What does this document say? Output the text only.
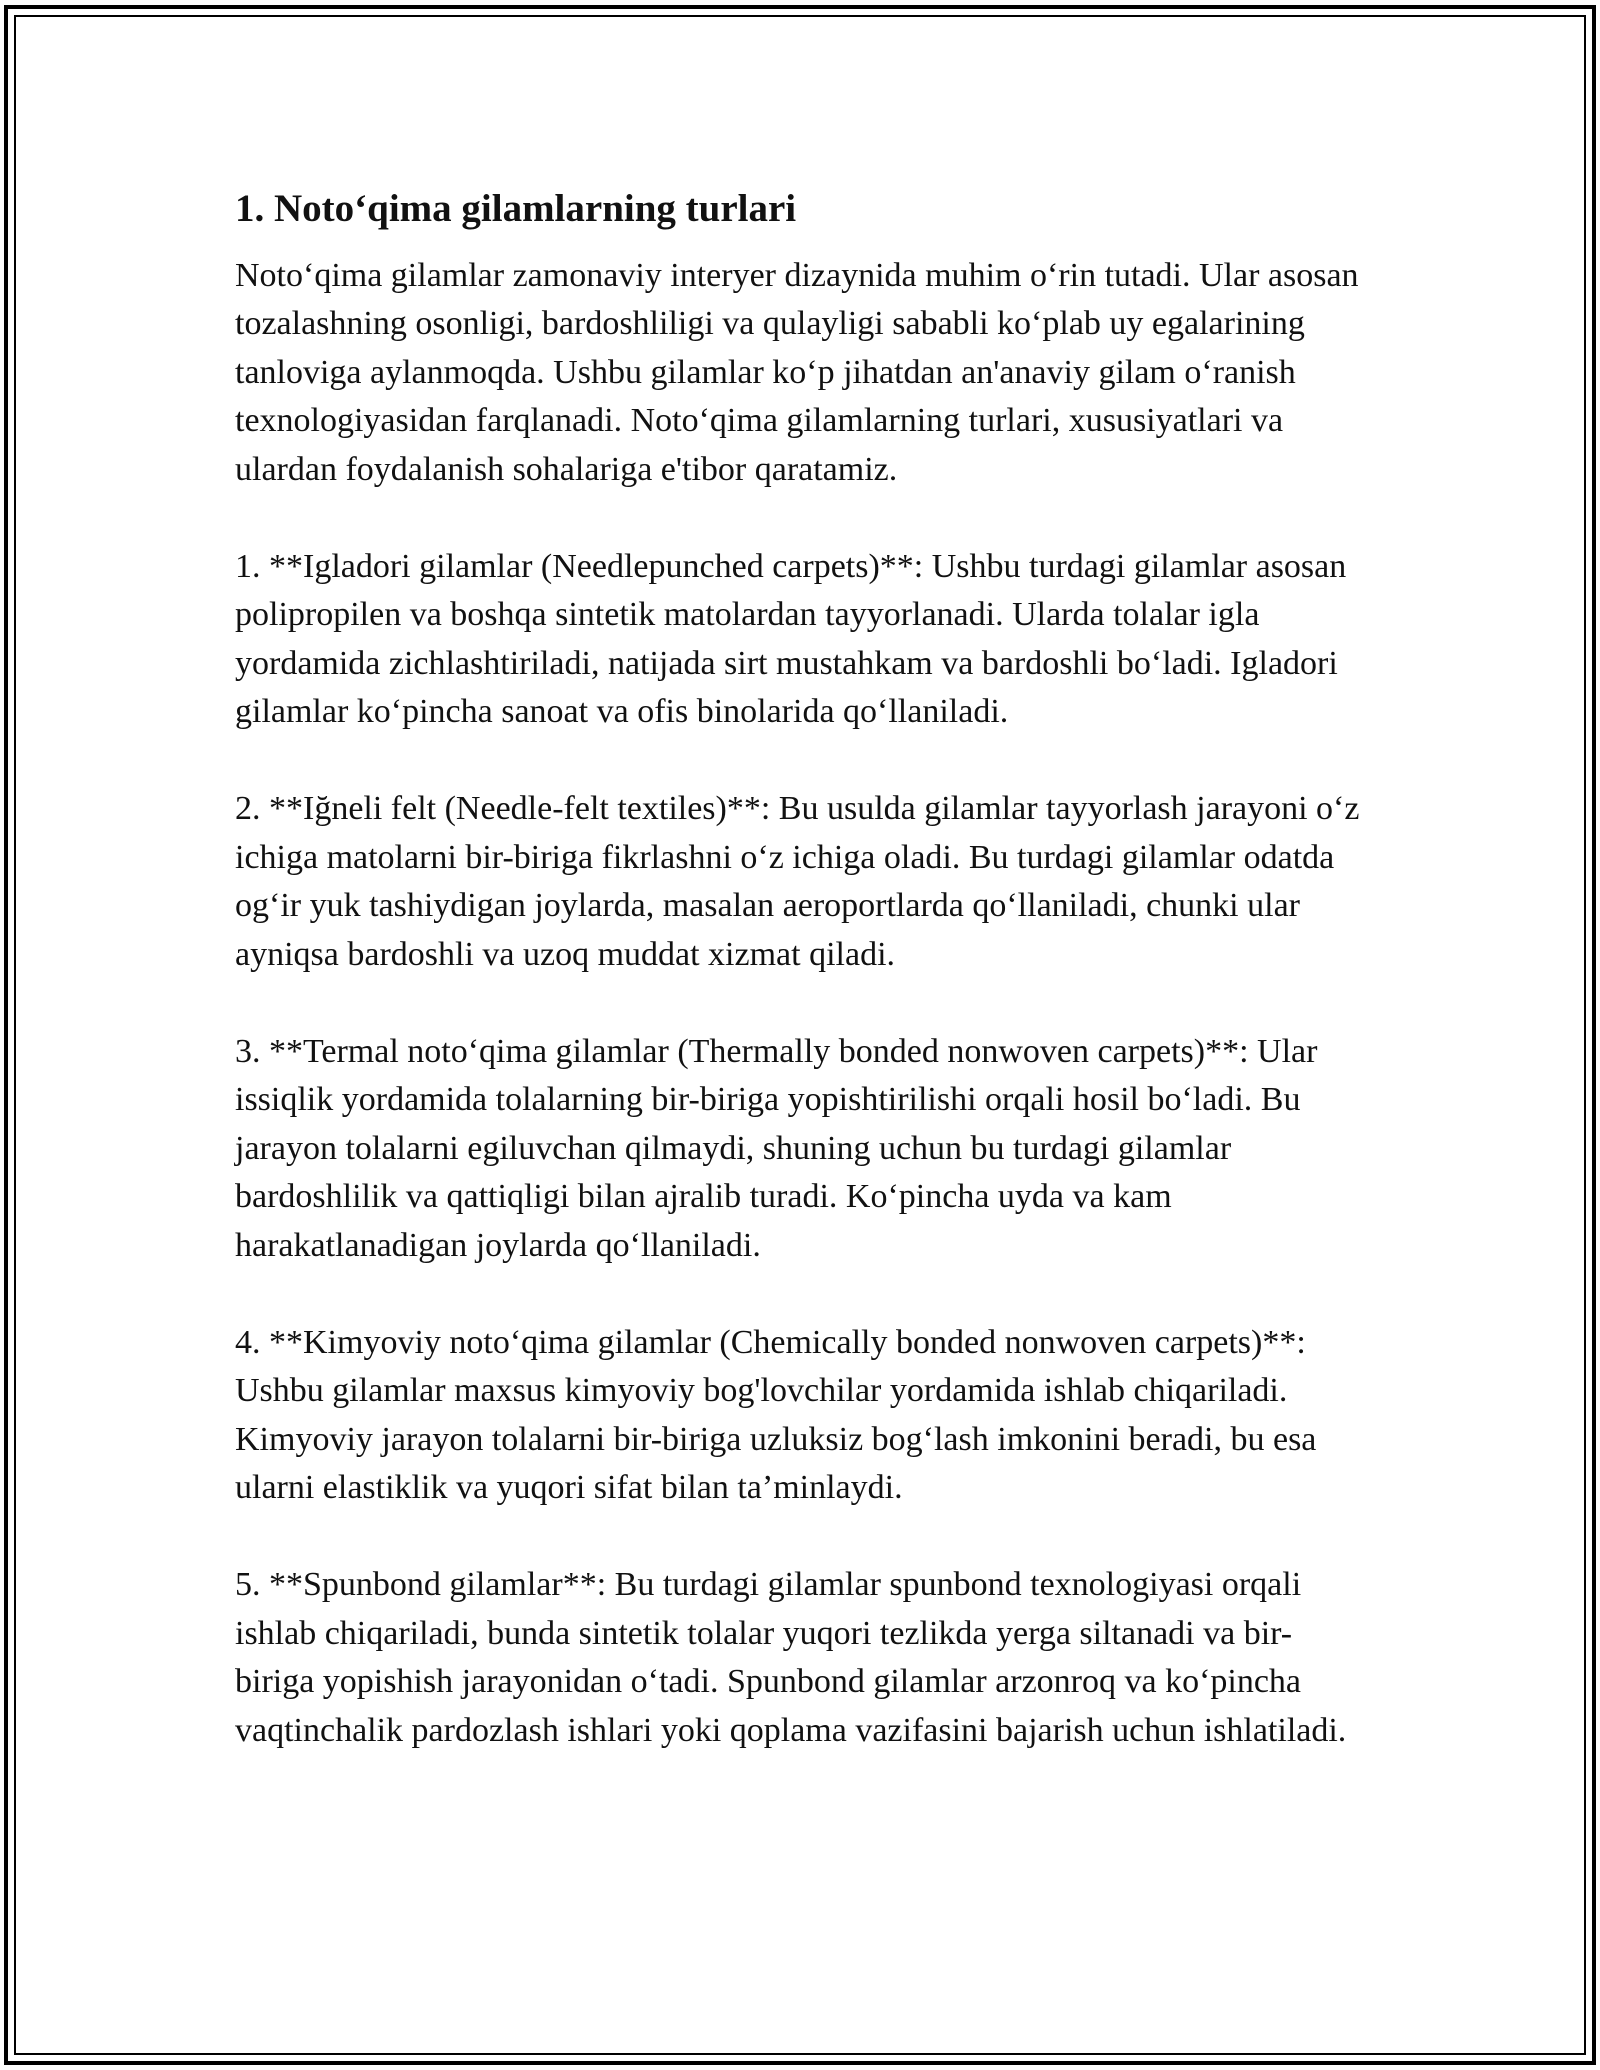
1. Noto‘qima gilamlarning turlari

Noto‘qima gilamlar zamonaviy interyer dizaynida muhim o‘rin tutadi. Ular asosan tozalashning osonligi, bardoshliligi va qulayligi sababli ko‘plab uy egalarining tanloviga aylanmoqda. Ushbu gilamlar ko‘p jihatdan an'anaviy gilam o‘ranish texnologiyasidan farqlanadi. Noto‘qima gilamlarning turlari, xususiyatlari va ulardan foydalanish sohalariga e'tibor qaratamiz.

1. **Igladori gilamlar (Needlepunched carpets)**: Ushbu turdagi gilamlar asosan polipropilen va boshqa sintetik matolardan tayyorlanadi. Ularda tolalar igla yordamida zichlashtiriladi, natijada sirt mustahkam va bardoshli bo‘ladi. Igladori gilamlar ko‘pincha sanoat va ofis binolarida qo‘llaniladi.

2. **Iğneli felt (Needle-felt textiles)**: Bu usulda gilamlar tayyorlash jarayoni o‘z ichiga matolarni bir-biriga fikrlashni o‘z ichiga oladi. Bu turdagi gilamlar odatda og‘ir yuk tashiydigan joylarda, masalan aeroportlarda qo‘llaniladi, chunki ular ayniqsa bardoshli va uzoq muddat xizmat qiladi.

3. **Termal noto‘qima gilamlar (Thermally bonded nonwoven carpets)**: Ular issiqlik yordamida tolalarning bir-biriga yopishtirilishi orqali hosil bo‘ladi. Bu jarayon tolalarni egiluvchan qilmaydi, shuning uchun bu turdagi gilamlar bardoshlilik va qattiqligi bilan ajralib turadi. Ko‘pincha uyda va kam harakatlanadigan joylarda qo‘llaniladi.

4. **Kimyoviy noto‘qima gilamlar (Chemically bonded nonwoven carpets)**: Ushbu gilamlar maxsus kimyoviy bog'lovchilar yordamida ishlab chiqariladi. Kimyoviy jarayon tolalarni bir-biriga uzluksiz bog‘lash imkonini beradi, bu esa ularni elastiklik va yuqori sifat bilan ta’minlaydi.

5. **Spunbond gilamlar**: Bu turdagi gilamlar spunbond texnologiyasi orqali ishlab chiqariladi, bunda sintetik tolalar yuqori tezlikda yerga siltanadi va bir-biriga yopishish jarayonidan o‘tadi. Spunbond gilamlar arzonroq va ko‘pincha vaqtinchalik pardozlash ishlari yoki qoplama vazifasini bajarish uchun ishlatiladi.
